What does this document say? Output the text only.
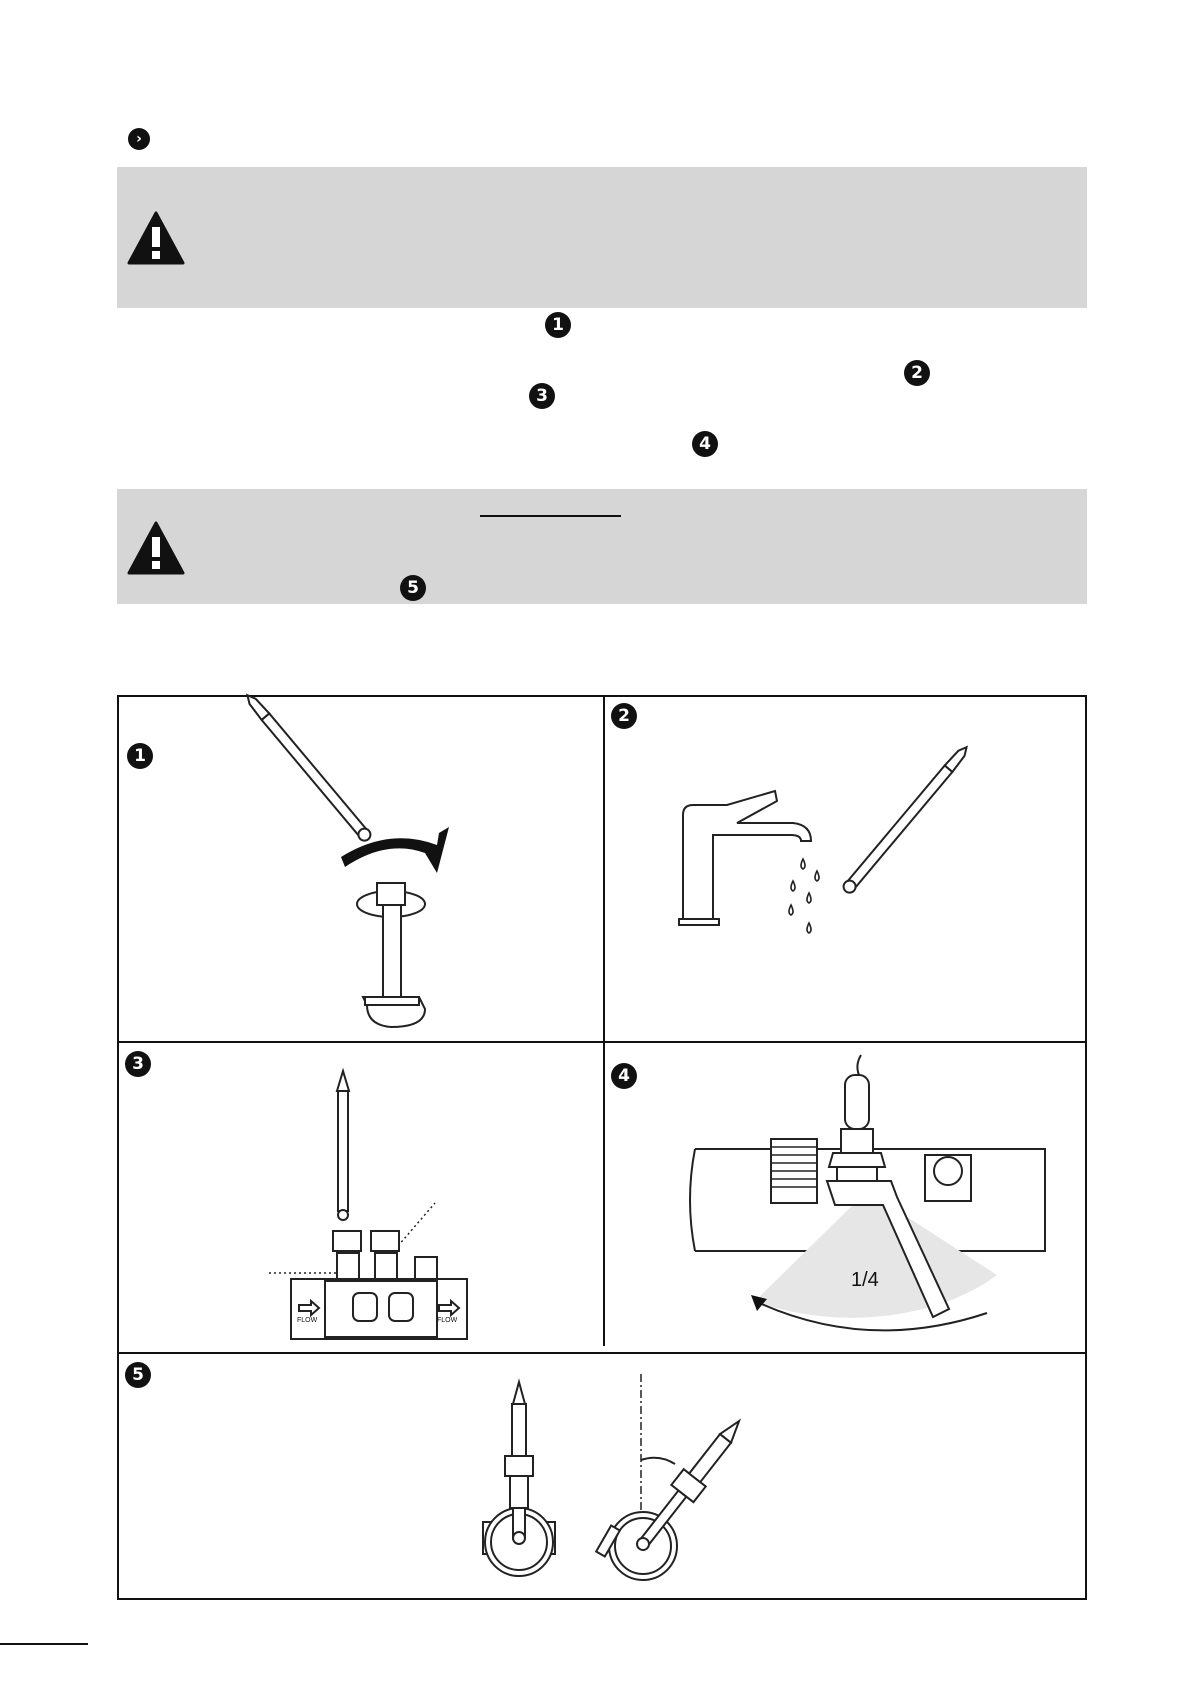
›
1
2
3
4
5
1
2
3
FLOW	FLOW
4
1/4
5
